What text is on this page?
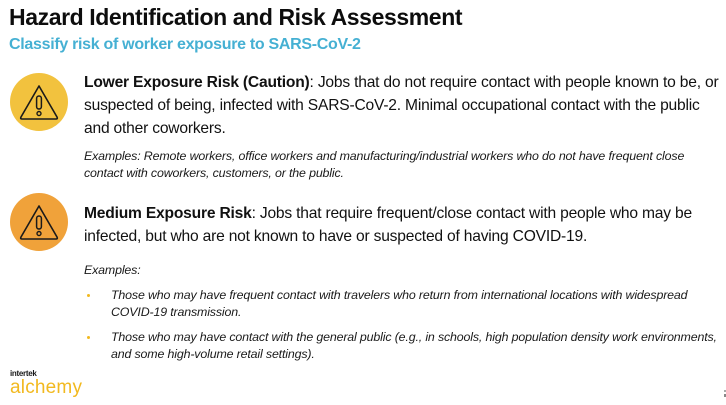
Hazard Identification and Risk Assessment
Classify risk of worker exposure to SARS-CoV-2
Lower Exposure Risk (Caution): Jobs that do not require contact with people known to be, or suspected of being, infected with SARS-CoV-2. Minimal occupational contact with the public and other coworkers.
Examples: Remote workers, office workers and manufacturing/industrial workers who do not have frequent close contact with coworkers, customers, or the public.
Medium Exposure Risk: Jobs that require frequent/close contact with people who may be infected, but who are not known to have or suspected of having COVID-19.
Examples:
Those who may have frequent contact with travelers who return from international locations with widespread COVID-19 transmission.
Those who may have contact with the general public (e.g., in schools, high population density work environments, and some high-volume retail settings).
intertek
alchemy
